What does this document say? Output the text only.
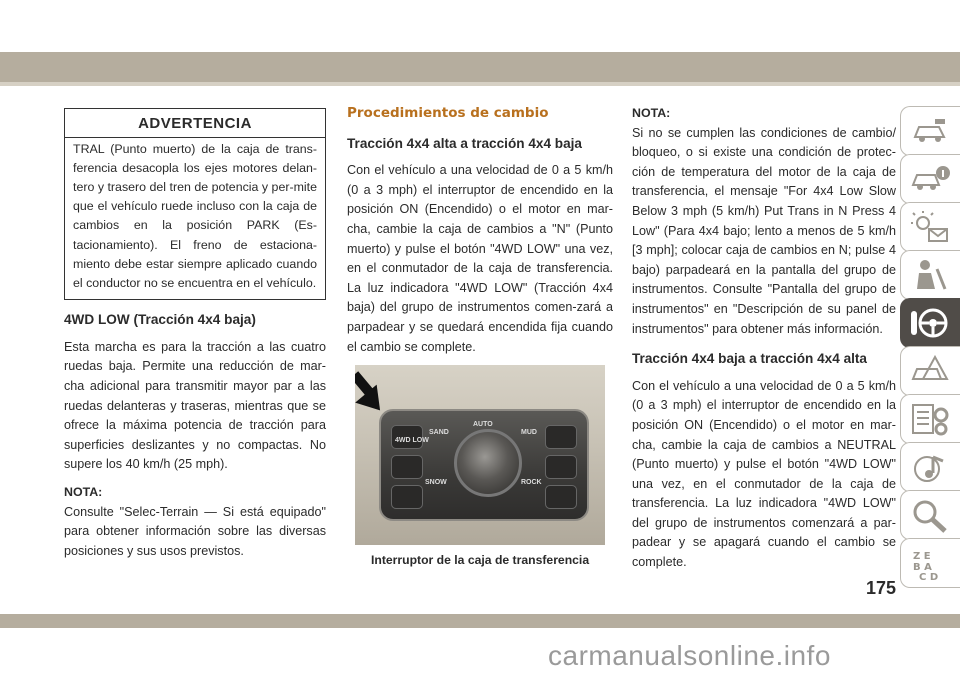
ADVERTENCIA
TRAL (Punto muerto) de la caja de trans-ferencia desacopla los ejes motores delan-tero y trasero del tren de potencia y per-mite que el vehículo ruede incluso con la caja de cambios en la posición PARK (Es-tacionamiento). El freno de estaciona-miento debe estar siempre aplicado cuando el conductor no se encuentra en el vehículo.
4WD LOW (Tracción 4x4 baja)

Esta marcha es para la tracción a las cuatro ruedas baja. Permite una reducción de mar-cha adicional para transmitir mayor par a las ruedas delanteras y traseras, mientras que se ofrece la máxima potencia de tracción para superficies deslizantes y no compactas. No supere los 40 km/h (25 mph).

NOTA:

Consulte "Selec-Terrain — Si está equipado" para obtener información sobre las diversas posiciones y sus usos previstos.

Procedimientos de cambio
Tracción 4x4 alta a tracción 4x4 baja

Con el vehículo a una velocidad de 0 a 5 km/h (0 a 3 mph) el interruptor de encendido en la posición ON (Encendido) o el motor en mar-cha, cambie la caja de cambios a "N" (Punto muerto) y pulse el botón "4WD LOW" una vez, en el conmutador de la caja de transferencia. La luz indicadora "4WD LOW" (Tracción 4x4 baja) del grupo de instrumentos comen-zará a parpadear y se quedará encendida fija cuando el cambio se complete.

4WD LOW
SAND
AUTO
MUD
SNOW	ROCK
Interruptor de la caja de transferencia
NOTA:

Si no se cumplen las condiciones de cambio/ bloqueo, o si existe una condición de protec-ción de temperatura del motor de la caja de transferencia, el mensaje "For 4x4 Low Slow Below 3 mph (5 km/h) Put Trans in N Press 4 Low" (Para 4x4 bajo; lento a menos de 5 km/h [3 mph]; colocar caja de cambios en N; pulse 4 bajo) parpadeará en la pantalla del grupo de instrumentos. Consulte "Pantalla del grupo de instrumentos" en "Descripción de su panel de instrumentos" para obtener más información.

Tracción 4x4 baja a tracción 4x4 alta

Con el vehículo a una velocidad de 0 a 5 km/h (0 a 3 mph) el interruptor de encendido en la posición ON (Encendido) o el motor en mar-cha, cambie la caja de cambios a NEUTRAL (Punto muerto) y pulse el botón "4WD LOW" una vez, en el conmutador de la caja de transferencia. La luz indicadora "4WD LOW" del grupo de instrumentos comenzará a par-padear y se apagará cuando el cambio se complete.	Z E
B A
C D
175
carmanualsonline.info
